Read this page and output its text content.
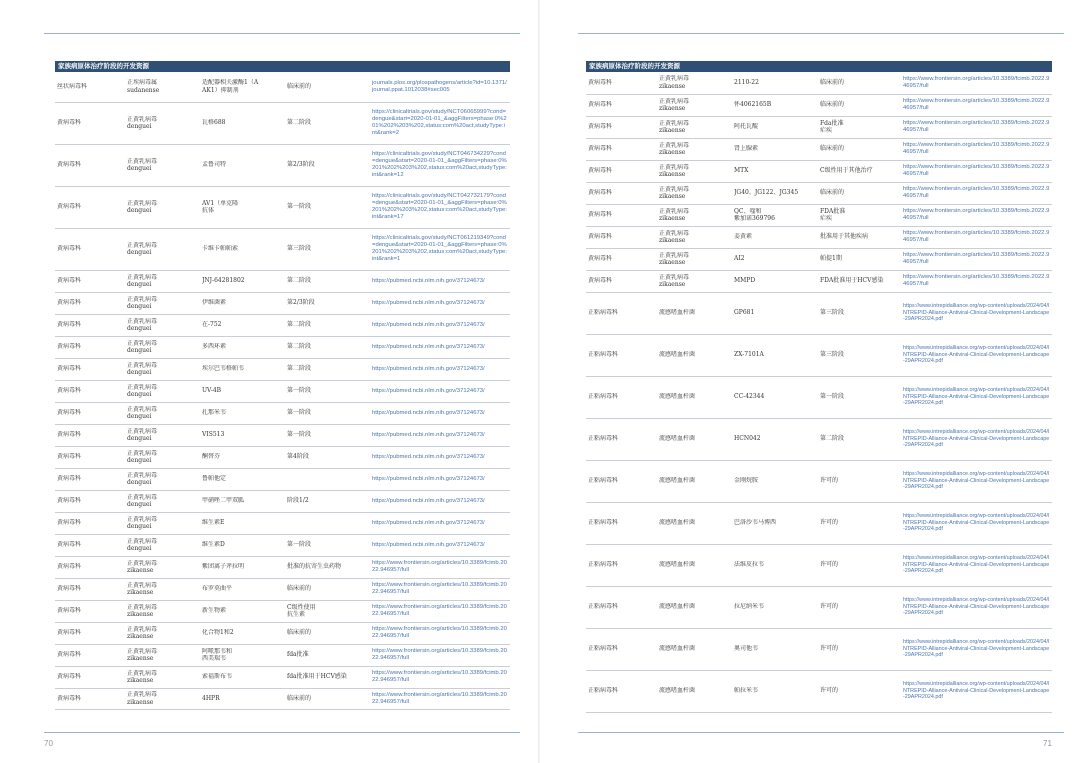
家族病原体治疗阶段的开发资源
丝状病毒科	正埃病毒属
sudanense	适配器相关激酶1（A
AK1）抑制剂	临床前的	journals.plos.org/plospathogens/article?id=10.1371/journal.ppat.1012038#sec005

黄病毒科	正黄乳病毒
denguei	瓦格688	第二阶段	https://clinicaltrials.gov/study/NCT06065999?cond=dengue&start=2020-01-01_&aggFilters=phase:0%201%202%203%202,status:com%20act,studyType:int&rank=2

黄病毒科	正黄乳病毒
denguei	孟鲁司特	第2/3阶段	https://clinicaltrials.gov/study/NCT046734229?cond=dengue&start=2020-01-01_&aggFilters=phase:0%201%202%203%202,status:com%20act,studyType:int&rank=12

黄病毒科	正黄乳病毒
denguei	AV1（单克隆
抗体	第一阶段	https://clinicaltrials.gov/study/NCT042732179?cond=dengue&start=2020-01-01_&aggFilters=phase:0%201%202%203%202,status:com%20act,studyType:int&rank=17

黄病毒科	正黄乳病毒
denguei	卡维卡帕帕索	第三阶段	https://clinicaltrials.gov/study/NCT061219349?cond=dengue&start=2020-01-01_&aggFilters=phase:0%201%202%203%202,status:com%20act,studyType:int&rank=1

黄病毒科	正黄乳病毒
denguei	JNJ-64281802	第二阶段	https://pubmed.ncbi.nlm.nih.gov/37124673/

黄病毒科	正黄乳病毒
denguei	伊维菌素	第2/3阶段	https://pubmed.ncbi.nlm.nih.gov/37124673/

黄病毒科	正黄乳病毒
denguei	在-752	第二阶段	https://pubmed.ncbi.nlm.nih.gov/37124673/

黄病毒科	正黄乳病毒
denguei	多西环素	第二阶段	https://pubmed.ncbi.nlm.nih.gov/37124673/

黄病毒科	正黄乳病毒
denguei	埃尔巴韦格帕韦	第二阶段	https://pubmed.ncbi.nlm.nih.gov/37124673/

黄病毒科	正黄乳病毒
denguei	UV-4B	第一阶段	https://pubmed.ncbi.nlm.nih.gov/37124673/

黄病毒科	正黄乳病毒
denguei	扎那米韦	第一阶段	https://pubmed.ncbi.nlm.nih.gov/37124673/

黄病毒科	正黄乳病毒
denguei	VIS513	第一阶段	https://pubmed.ncbi.nlm.nih.gov/37124673/

黄病毒科	正黄乳病毒
denguei	酮替芬	第4阶段	https://pubmed.ncbi.nlm.nih.gov/37124673/

黄病毒科	正黄乳病毒
denguei	鲁帕他定		https://pubmed.ncbi.nlm.nih.gov/37124673/

黄病毒科	正黄乳病毒
denguei	甲硝唑二甲双胍	阶段1/2	https://pubmed.ncbi.nlm.nih.gov/37124673/

黄病毒科	正黄乳病毒
denguei	维生素E		https://pubmed.ncbi.nlm.nih.gov/37124673/

黄病毒科	正黄乳病毒
denguei	维生素D	第一阶段	https://pubmed.ncbi.nlm.nih.gov/37124673/

黄病毒科	正黄乳病毒
zikaense	紫团离子斧拉明	批准的抗寄生虫药物	https://www.frontiersin.org/articles/10.3389/fcimb.2022.946957/full

黄病毒科	正黄乳病毒
zikaense	布罗莫曲平	临床前的	https://www.frontiersin.org/articles/10.3389/fcimb.2022.946957/full

黄病毒科	正黄乳病毒
zikaense	新生物素	C级性使用
抗生素	https://www.frontiersin.org/articles/10.3389/fcimb.2022.946957/full

黄病毒科	正黄乳病毒
zikaense	化合物1和2	临床前的	https://www.frontiersin.org/articles/10.3389/fcimb.2022.946957/full

黄病毒科	正黄乳病毒
zikaense	阿哌那韦和
西美瑞韦	fda批准	https://www.frontiersin.org/articles/10.3389/fcimb.2022.946957/full

黄病毒科	正黄乳病毒
zikaense	索福斯布韦	fda批准用于HCV感染	https://www.frontiersin.org/articles/10.3389/fcimb.2022.946957/full

黄病毒科	正黄乳病毒
zikaense	4HPR	临床前的	https://www.frontiersin.org/articles/10.3389/fcimb.2022.946957/full
70
家族病原体治疗阶段的开发资源
黄病毒科	正黄乳病毒
zikaense	2110-22	临床前的	https://www.frontiersin.org/articles/10.3389/fcimb.2022.946957/full

黄病毒科	正黄乳病毒
zikaense	怀4062165B	临床前的	https://www.frontiersin.org/articles/10.3389/fcimb.2022.946957/full

黄病毒科	正黄乳病毒
zikaense	阿托瓦醌	Fda批准
疟疾	https://www.frontiersin.org/articles/10.3389/fcimb.2022.946957/full

黄病毒科	正黄乳病毒
zikaense	肾上腺素	临床前的	https://www.frontiersin.org/articles/10.3389/fcimb.2022.946957/full

黄病毒科	正黄乳病毒
zikaense	MTX	C级性用于其他治疗	https://www.frontiersin.org/articles/10.3389/fcimb.2022.946957/full

黄病毒科	正黄乳病毒
zikaense	JG40、JG122、JG345	临床前的	https://www.frontiersin.org/articles/10.3389/fcimb.2022.946957/full

黄病毒科	正黄乳病毒
zikaense	QC、喹和
紫加诺369796	FDA批准
疟疾	https://www.frontiersin.org/articles/10.3389/fcimb.2022.946957/full

黄病毒科	正黄乳病毒
zikaense	姜黄素	批准用于其他疾病	https://www.frontiersin.org/articles/10.3389/fcimb.2022.946957/full

黄病毒科	正黄乳病毒
zikaense	AI2	帕提1期	https://www.frontiersin.org/articles/10.3389/fcimb.2022.946957/full

黄病毒科	正黄乳病毒
zikaense	MMPD	FDA批准用于HCV感染	https://www.frontiersin.org/articles/10.3389/fcimb.2022.946957/full

正粘病毒科	流感嗜血杆菌	GP681	第三阶段	https://www.intrepidalliance.org/wp-content/uploads/2024/04/INTREPID-Alliance-Antiviral-Clinical-Development-Landscape-29APR2024.pdf

正粘病毒科	流感嗜血杆菌	ZX-7101A	第三阶段	https://www.intrepidalliance.org/wp-content/uploads/2024/04/INTREPID-Alliance-Antiviral-Clinical-Development-Landscape-29APR2024.pdf

正粘病毒科	流感嗜血杆菌	CC-42344	第一阶段	https://www.intrepidalliance.org/wp-content/uploads/2024/04/INTREPID-Alliance-Antiviral-Clinical-Development-Landscape-29APR2024.pdf

正粘病毒科	流感嗜血杆菌	HCN042	第二阶段	https://www.intrepidalliance.org/wp-content/uploads/2024/04/INTREPID-Alliance-Antiviral-Clinical-Development-Landscape-29APR2024.pdf

正粘病毒科	流感嗜血杆菌	金刚烷胺	许可的	https://www.intrepidalliance.org/wp-content/uploads/2024/04/INTREPID-Alliance-Antiviral-Clinical-Development-Landscape-29APR2024.pdf

正粘病毒科	流感嗜血杆菌	巴洛沙韦马博西	许可的	https://www.intrepidalliance.org/wp-content/uploads/2024/04/INTREPID-Alliance-Antiviral-Clinical-Development-Landscape-29APR2024.pdf

正粘病毒科	流感嗜血杆菌	法维皮拉韦	许可的	https://www.intrepidalliance.org/wp-content/uploads/2024/04/INTREPID-Alliance-Antiviral-Clinical-Development-Landscape-29APR2024.pdf

正粘病毒科	流感嗜血杆菌	拉尼纳米韦	许可的	https://www.intrepidalliance.org/wp-content/uploads/2024/04/INTREPID-Alliance-Antiviral-Clinical-Development-Landscape-29APR2024.pdf

正粘病毒科	流感嗜血杆菌	奥司他韦	许可的	https://www.intrepidalliance.org/wp-content/uploads/2024/04/INTREPID-Alliance-Antiviral-Clinical-Development-Landscape-29APR2024.pdf

正粘病毒科	流感嗜血杆菌	帕拉米韦	许可的	https://www.intrepidalliance.org/wp-content/uploads/2024/04/INTREPID-Alliance-Antiviral-Clinical-Development-Landscape-29APR2024.pdf
71
